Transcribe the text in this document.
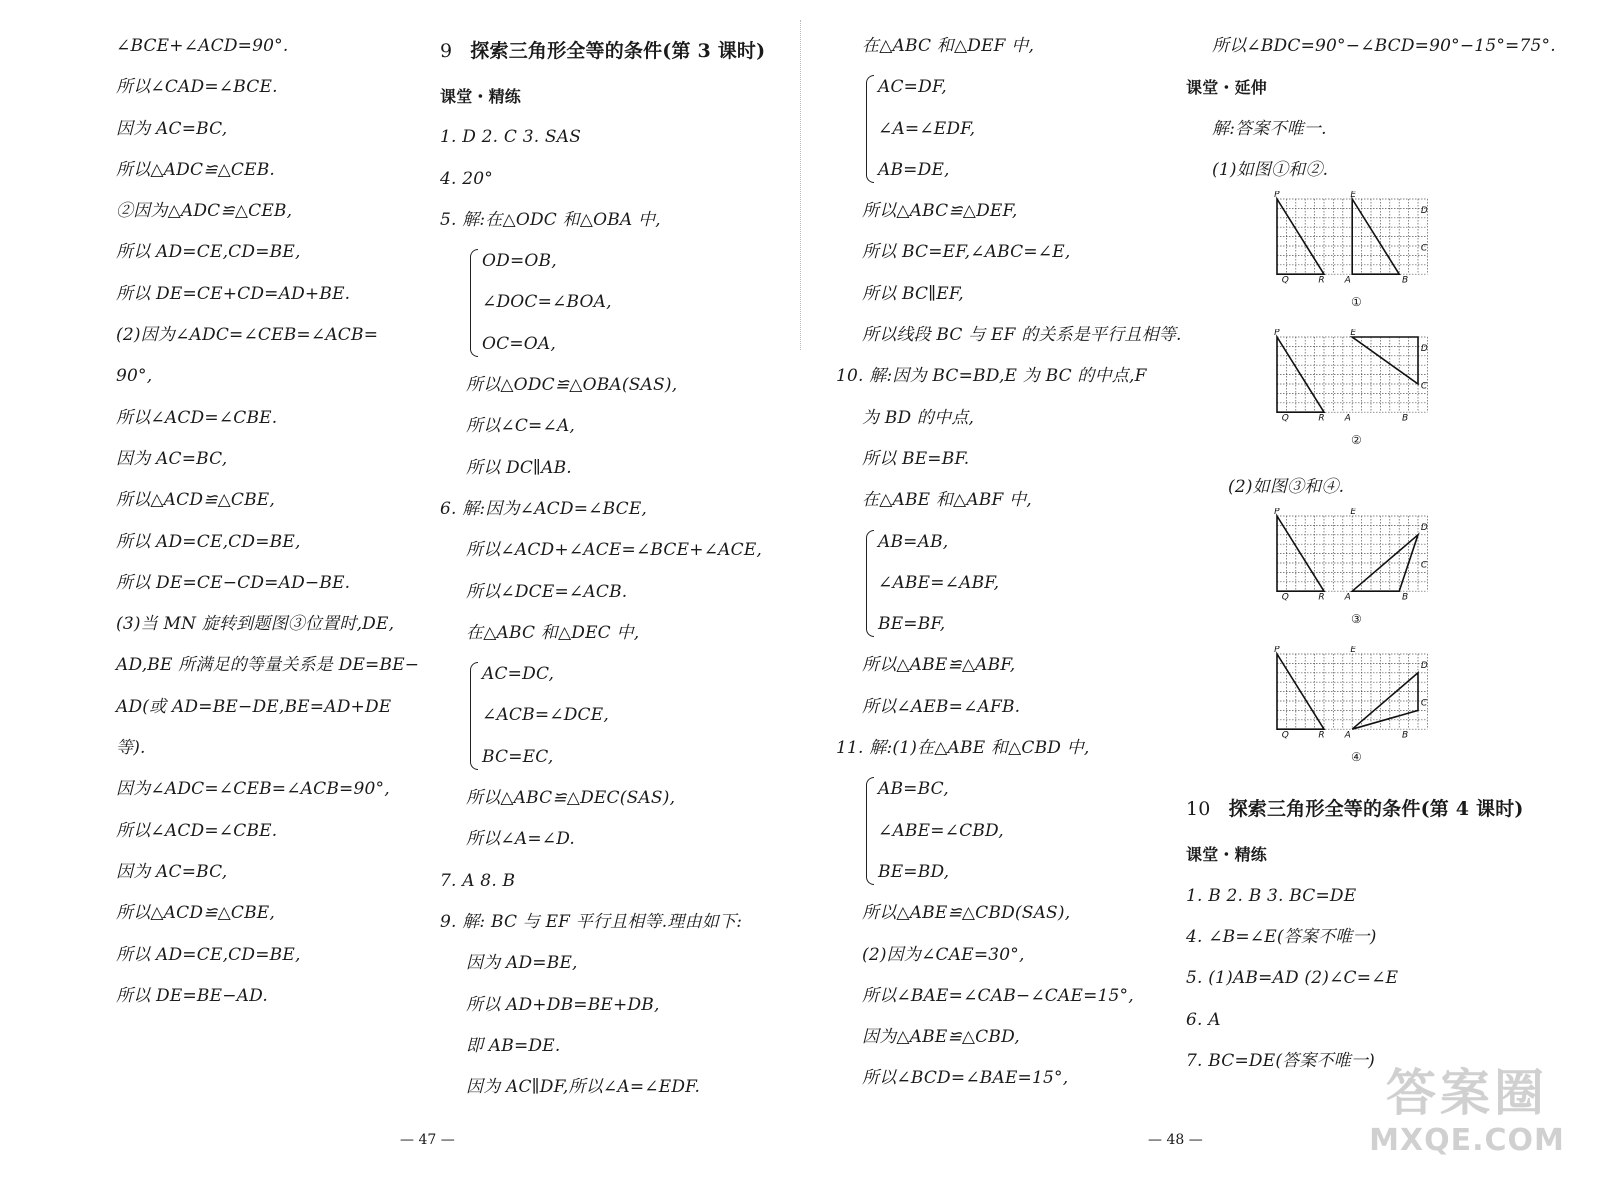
∠BCE+∠ACD=90°.
所以∠CAD=∠BCE.
因为 AC=BC,
所以△ADC≌△CEB.
②因为△ADC≌△CEB,
所以 AD=CE,CD=BE,
所以 DE=CE+CD=AD+BE.
(2)因为∠ADC=∠CEB=∠ACB=
90°,
所以∠ACD=∠CBE.
因为 AC=BC,
所以△ACD≌△CBE,
所以 AD=CE,CD=BE,
所以 DE=CE−CD=AD−BE.
(3)当 MN 旋转到题图③位置时,DE,
AD,BE 所满足的等量关系是 DE=BE−
AD(或 AD=BE−DE,BE=AD+DE
等).
因为∠ADC=∠CEB=∠ACB=90°,
所以∠ACD=∠CBE.
因为 AC=BC,
所以△ACD≌△CBE,
所以 AD=CE,CD=BE,
所以 DE=BE−AD.
9 探索三角形全等的条件(第 3 课时)
课堂・精练
1. D 2. C 3. SAS
4. 20°
5. 解:在△ODC 和△OBA 中,
OD=OB,
∠DOC=∠BOA,
OC=OA,
所以△ODC≌△OBA(SAS),
所以∠C=∠A,
所以 DC∥AB.
6. 解:因为∠ACD=∠BCE,
所以∠ACD+∠ACE=∠BCE+∠ACE,
所以∠DCE=∠ACB.
在△ABC 和△DEC 中,
AC=DC,
∠ACB=∠DCE,
BC=EC,
所以△ABC≌△DEC(SAS),
所以∠A=∠D.
7. A 8. B
9. 解: BC 与 EF 平行且相等.理由如下:
因为 AD=BE,
所以 AD+DB=BE+DB,
即 AB=DE.
因为 AC∥DF,所以∠A=∠EDF.
在△ABC 和△DEF 中,
AC=DF,
∠A=∠EDF,
AB=DE,
所以△ABC≌△DEF,
所以 BC=EF,∠ABC=∠E,
所以 BC∥EF,
所以线段 BC 与 EF 的关系是平行且相等.
10. 解:因为 BC=BD,E 为 BC 的中点,F
为 BD 的中点,
所以 BE=BF.
在△ABE 和△ABF 中,
AB=AB,
∠ABE=∠ABF,
BE=BF,
所以△ABE≌△ABF,
所以∠AEB=∠AFB.
11. 解:(1)在△ABE 和△CBD 中,
AB=BC,
∠ABE=∠CBD,
BE=BD,
所以△ABE≌△CBD(SAS),
(2)因为∠CAE=30°,
所以∠BAE=∠CAB−∠CAE=15°,
因为△ABE≌△CBD,
所以∠BCD=∠BAE=15°,
所以∠BDC=90°−∠BCD=90°−15°=75°.
课堂・延伸
解:答案不唯一.
(1)如图①和②.
P	E
D
C
Q	R A	B
①
P	E
D
C
Q	R A	B
②
(2)如图③和④.
P	E
D
C
Q	R A	B
③
P	E
D
C
Q	R A	B
④
10 探索三角形全等的条件(第 4 课时)
课堂・精练
1. B 2. B 3. BC=DE
4. ∠B=∠E(答案不唯一)
5. (1)AB=AD (2)∠C=∠E
6. A
7. BC=DE(答案不唯一)
— 47 —	— 48 —
答案圈
MXQE.COM
